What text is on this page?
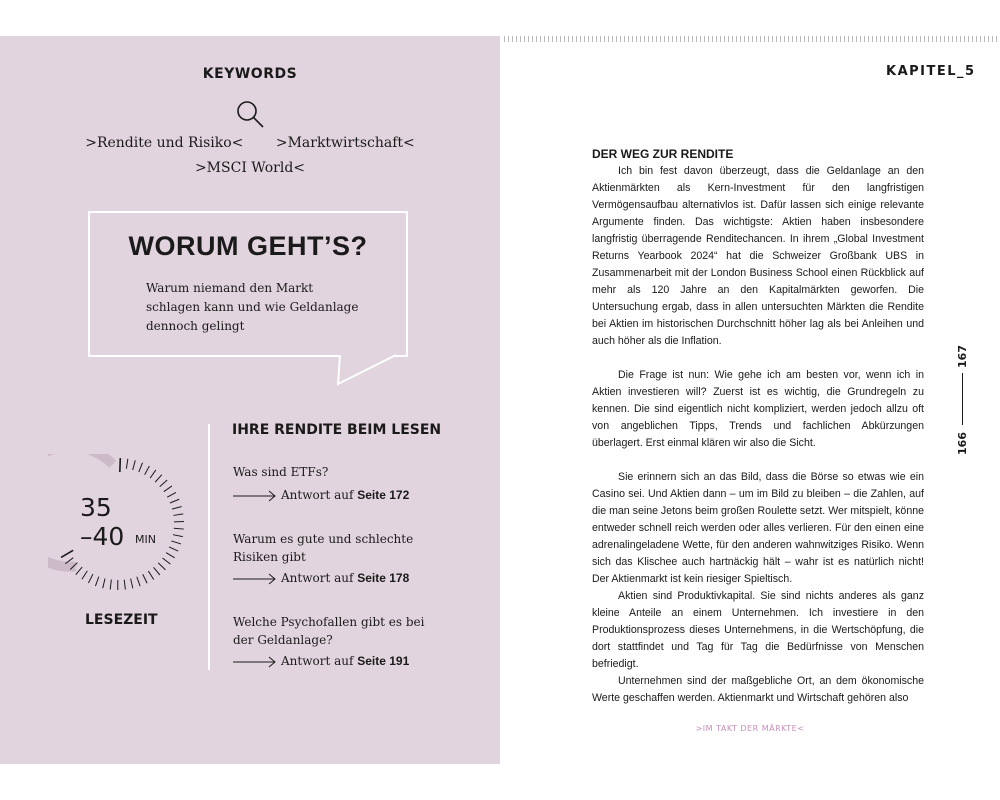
KEYWORDS
>Rendite und Risiko< >Marktwirtschaft<
>MSCI World<
WORUM GEHT’S?
Warum niemand den Markt schlagen kann und wie Geldanlage dennoch gelingt
35
–40 MIN
LESEZEIT
IHRE RENDITE BEIM LESEN
Was sind ETFs?
Antwort auf Seite 172
Warum es gute und schlechte Risiken gibt
Antwort auf Seite 178
Welche Psychofallen gibt es bei der Geldanlage?
Antwort auf Seite 191
KAPITEL_5
DER WEG ZUR RENDITE

Ich bin fest davon überzeugt, dass die Geldanlage an den Aktienmärkten als Kern-Investment für den langfristigen Vermögensaufbau alternativlos ist. Dafür lassen sich einige relevante Argumente finden. Das wichtigste: Aktien haben insbesondere langfristig überragende Renditechancen. In ihrem „Global Investment Returns Yearbook 2024“ hat die Schweizer Großbank UBS in Zusammenarbeit mit der London Business School einen Rückblick auf mehr als 120 Jahre an den Kapitalmärkten geworfen. Die Untersuchung ergab, dass in allen untersuchten Märkten die Rendite bei Aktien im historischen Durchschnitt höher lag als bei Anleihen und auch höher als die Inflation.

Die Frage ist nun: Wie gehe ich am besten vor, wenn ich in Aktien investieren will? Zuerst ist es wichtig, die Grundregeln zu kennen. Die sind eigentlich nicht kompliziert, werden jedoch allzu oft von angeblichen Tipps, Trends und fachlichen Abkürzungen überlagert. Erst einmal klären wir also die Sicht.

Sie erinnern sich an das Bild, dass die Börse so etwas wie ein Casino sei. Und Aktien dann – um im Bild zu bleiben – die Zahlen, auf die man seine Jetons beim großen Roulette setzt. Wer mitspielt, könne entweder schnell reich werden oder alles verlieren. Für den einen eine adrenalingeladene Wette, für den anderen wahnwitziges Risiko. Wenn sich das Klischee auch hartnäckig hält – wahr ist es natürlich nicht! Der Aktienmarkt ist kein riesiger Spieltisch.

Aktien sind Produktivkapital. Sie sind nichts anderes als ganz kleine Anteile an einem Unternehmen. Ich investiere in den Produktionsprozess dieses Unternehmens, in die Wertschöpfung, die dort stattfindet und Tag für Tag die Bedürfnisse von Menschen befriedigt.

Unternehmen sind der maßgebliche Ort, an dem ökonomische Werte geschaffen werden. Aktienmarkt und Wirtschaft gehören also

167
166
>IM TAKT DER MÄRKTE<
